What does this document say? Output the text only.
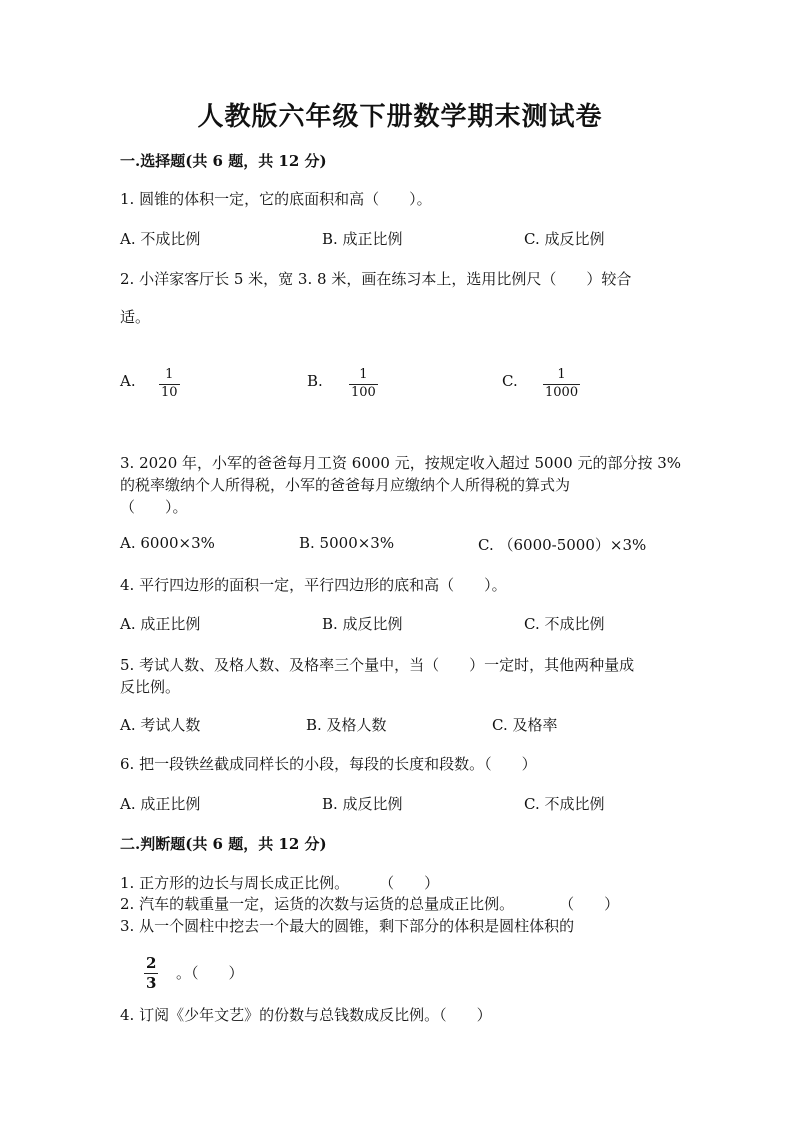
人教版六年级下册数学期末测试卷
一.选择题(共 6 题，共 12 分)
1. 圆锥的体积一定，它的底面积和高（　　）。
A. 不成比例	B. 成正比例	C. 成反比例
2. 小洋家客厅长 5 米，宽 3. 8 米，画在练习本上，选用比例尺（　　）较合
适。
A. 1
10
B.	1
100
C.	1
1000
3. 2020 年，小军的爸爸每月工资 6000 元，按规定收入超过 5000 元的部分按 3%
的税率缴纳个人所得税，小军的爸爸每月应缴纳个人所得税的算式为
（　　）。
A. 6000×3%	B. 5000×3%	C. （6000-5000）×3%
4. 平行四边形的面积一定，平行四边形的底和高（　　）。
A. 成正比例	B. 成反比例	C. 不成比例
5. 考试人数、及格人数、及格率三个量中，当（　　）一定时，其他两种量成
反比例。
A. 考试人数	B. 及格人数	C. 及格率
6. 把一段铁丝截成同样长的小段，每段的长度和段数。（　　）
A. 成正比例	B. 成反比例	C. 不成比例
二.判断题(共 6 题，共 12 分)
1. 正方形的边长与周长成正比例。　　　（　　）
2. 汽车的载重量一定，运货的次数与运货的总量成正比例。　　　　（　　）
3. 从一个圆柱中挖去一个最大的圆锥，剩下部分的体积是圆柱体积的
2
3
。（　　）
4. 订阅《少年文艺》的份数与总钱数成反比例。（　　）
